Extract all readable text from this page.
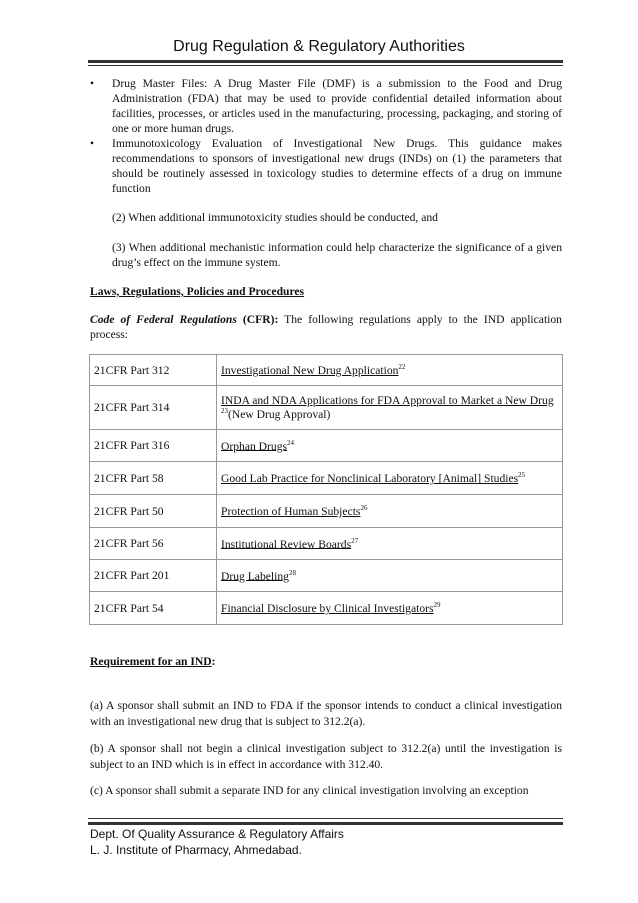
Drug Regulation & Regulatory Authorities
• Drug Master Files: A Drug Master File (DMF) is a submission to the Food and Drug Administration (FDA) that may be used to provide confidential detailed information about facilities, processes, or articles used in the manufacturing, processing, packaging, and storing of one or more human drugs.
• Immunotoxicology Evaluation of Investigational New Drugs. This guidance makes recommendations to sponsors of investigational new drugs (INDs) on (1) the parameters that should be routinely assessed in toxicology studies to determine effects of a drug on immune function
(2) When additional immunotoxicity studies should be conducted, and
(3) When additional mechanistic information could help characterize the significance of a given drug’s effect on the immune system.

Laws, Regulations, Policies and Procedures

Code of Federal Regulations (CFR): The following regulations apply to the IND application process:

21CFR Part 312	Investigational New Drug Application$^{22}$
21CFR Part 314	INDA and NDA Applications for FDA Approval to Market a New Drug
$^{23}$(New Drug Approval)
21CFR Part 316	Orphan Drugs$^{24}$
21CFR Part 58	Good Lab Practice for Nonclinical Laboratory [Animal] Studies$^{25}$
21CFR Part 50	Protection of Human Subjects$^{26}$
21CFR Part 56	Institutional Review Boards$^{27}$
21CFR Part 201	Drug Labeling$^{28}$
21CFR Part 54	Financial Disclosure by Clinical Investigators$^{29}$
Requirement for an IND:
(a) A sponsor shall submit an IND to FDA if the sponsor intends to conduct a clinical investigation with an investigational new drug that is subject to 312.2(a).
(b) A sponsor shall not begin a clinical investigation subject to 312.2(a) until the investigation is subject to an IND which is in effect in accordance with 312.40.
(c) A sponsor shall submit a separate IND for any clinical investigation involving an exception
Dept. Of Quality Assurance & Regulatory Affairs
L. J. Institute of Pharmacy, Ahmedabad.
